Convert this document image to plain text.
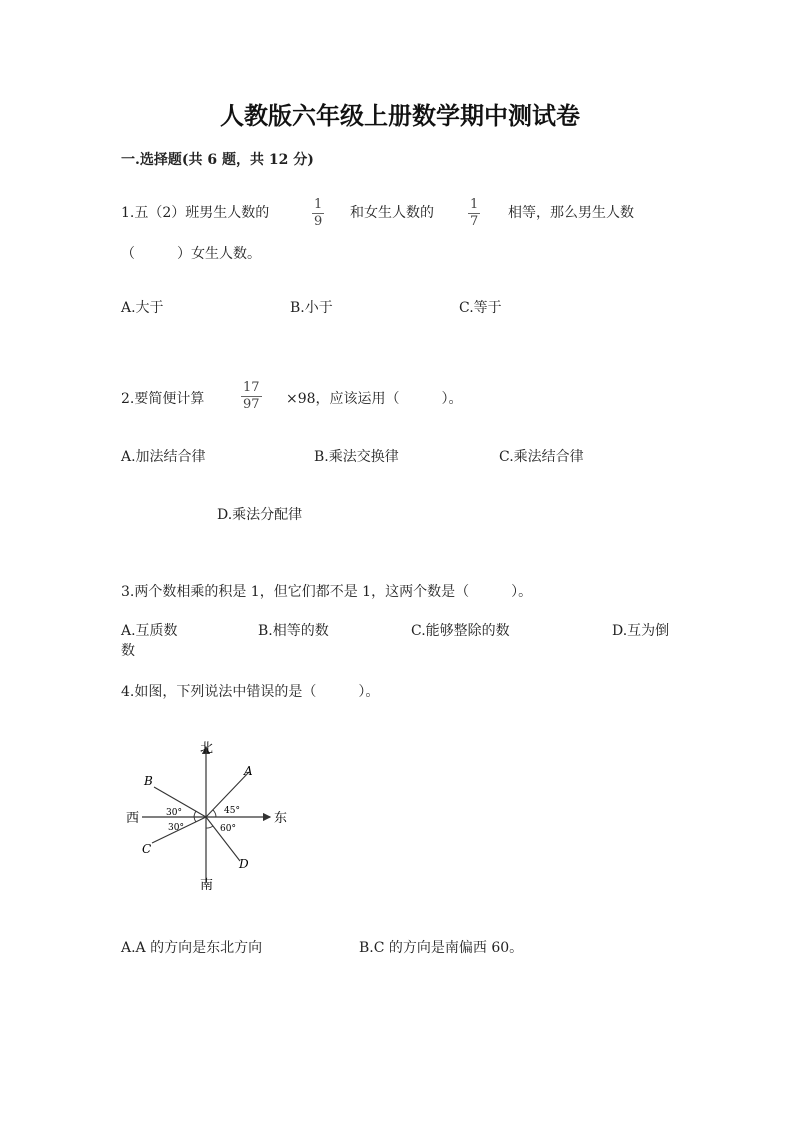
人教版六年级上册数学期中测试卷
一.选择题(共 6 题，共 12 分)
1.五（2）班男生人数的
1
9
和女生人数的
1
7
相等，那么男生人数
（　　　）女生人数。
A.大于	B.小于	C.等于
2.要简便计算
17
97 ×98，应该运用（　　　）。
A.加法结合律	B.乘法交换律	C.乘法结合律
D.乘法分配律
3.两个数相乘的积是 1，但它们都不是 1，这两个数是（　　　）。
A.互质数	B.相等的数	C.能够整除的数	D.互为倒
数
4.如图，下列说法中错误的是（　　　）。
北
南
东
西
A
B
C
D
30°
30°
45°
60°
A.A 的方向是东北方向	B.C 的方向是南偏西 60。
